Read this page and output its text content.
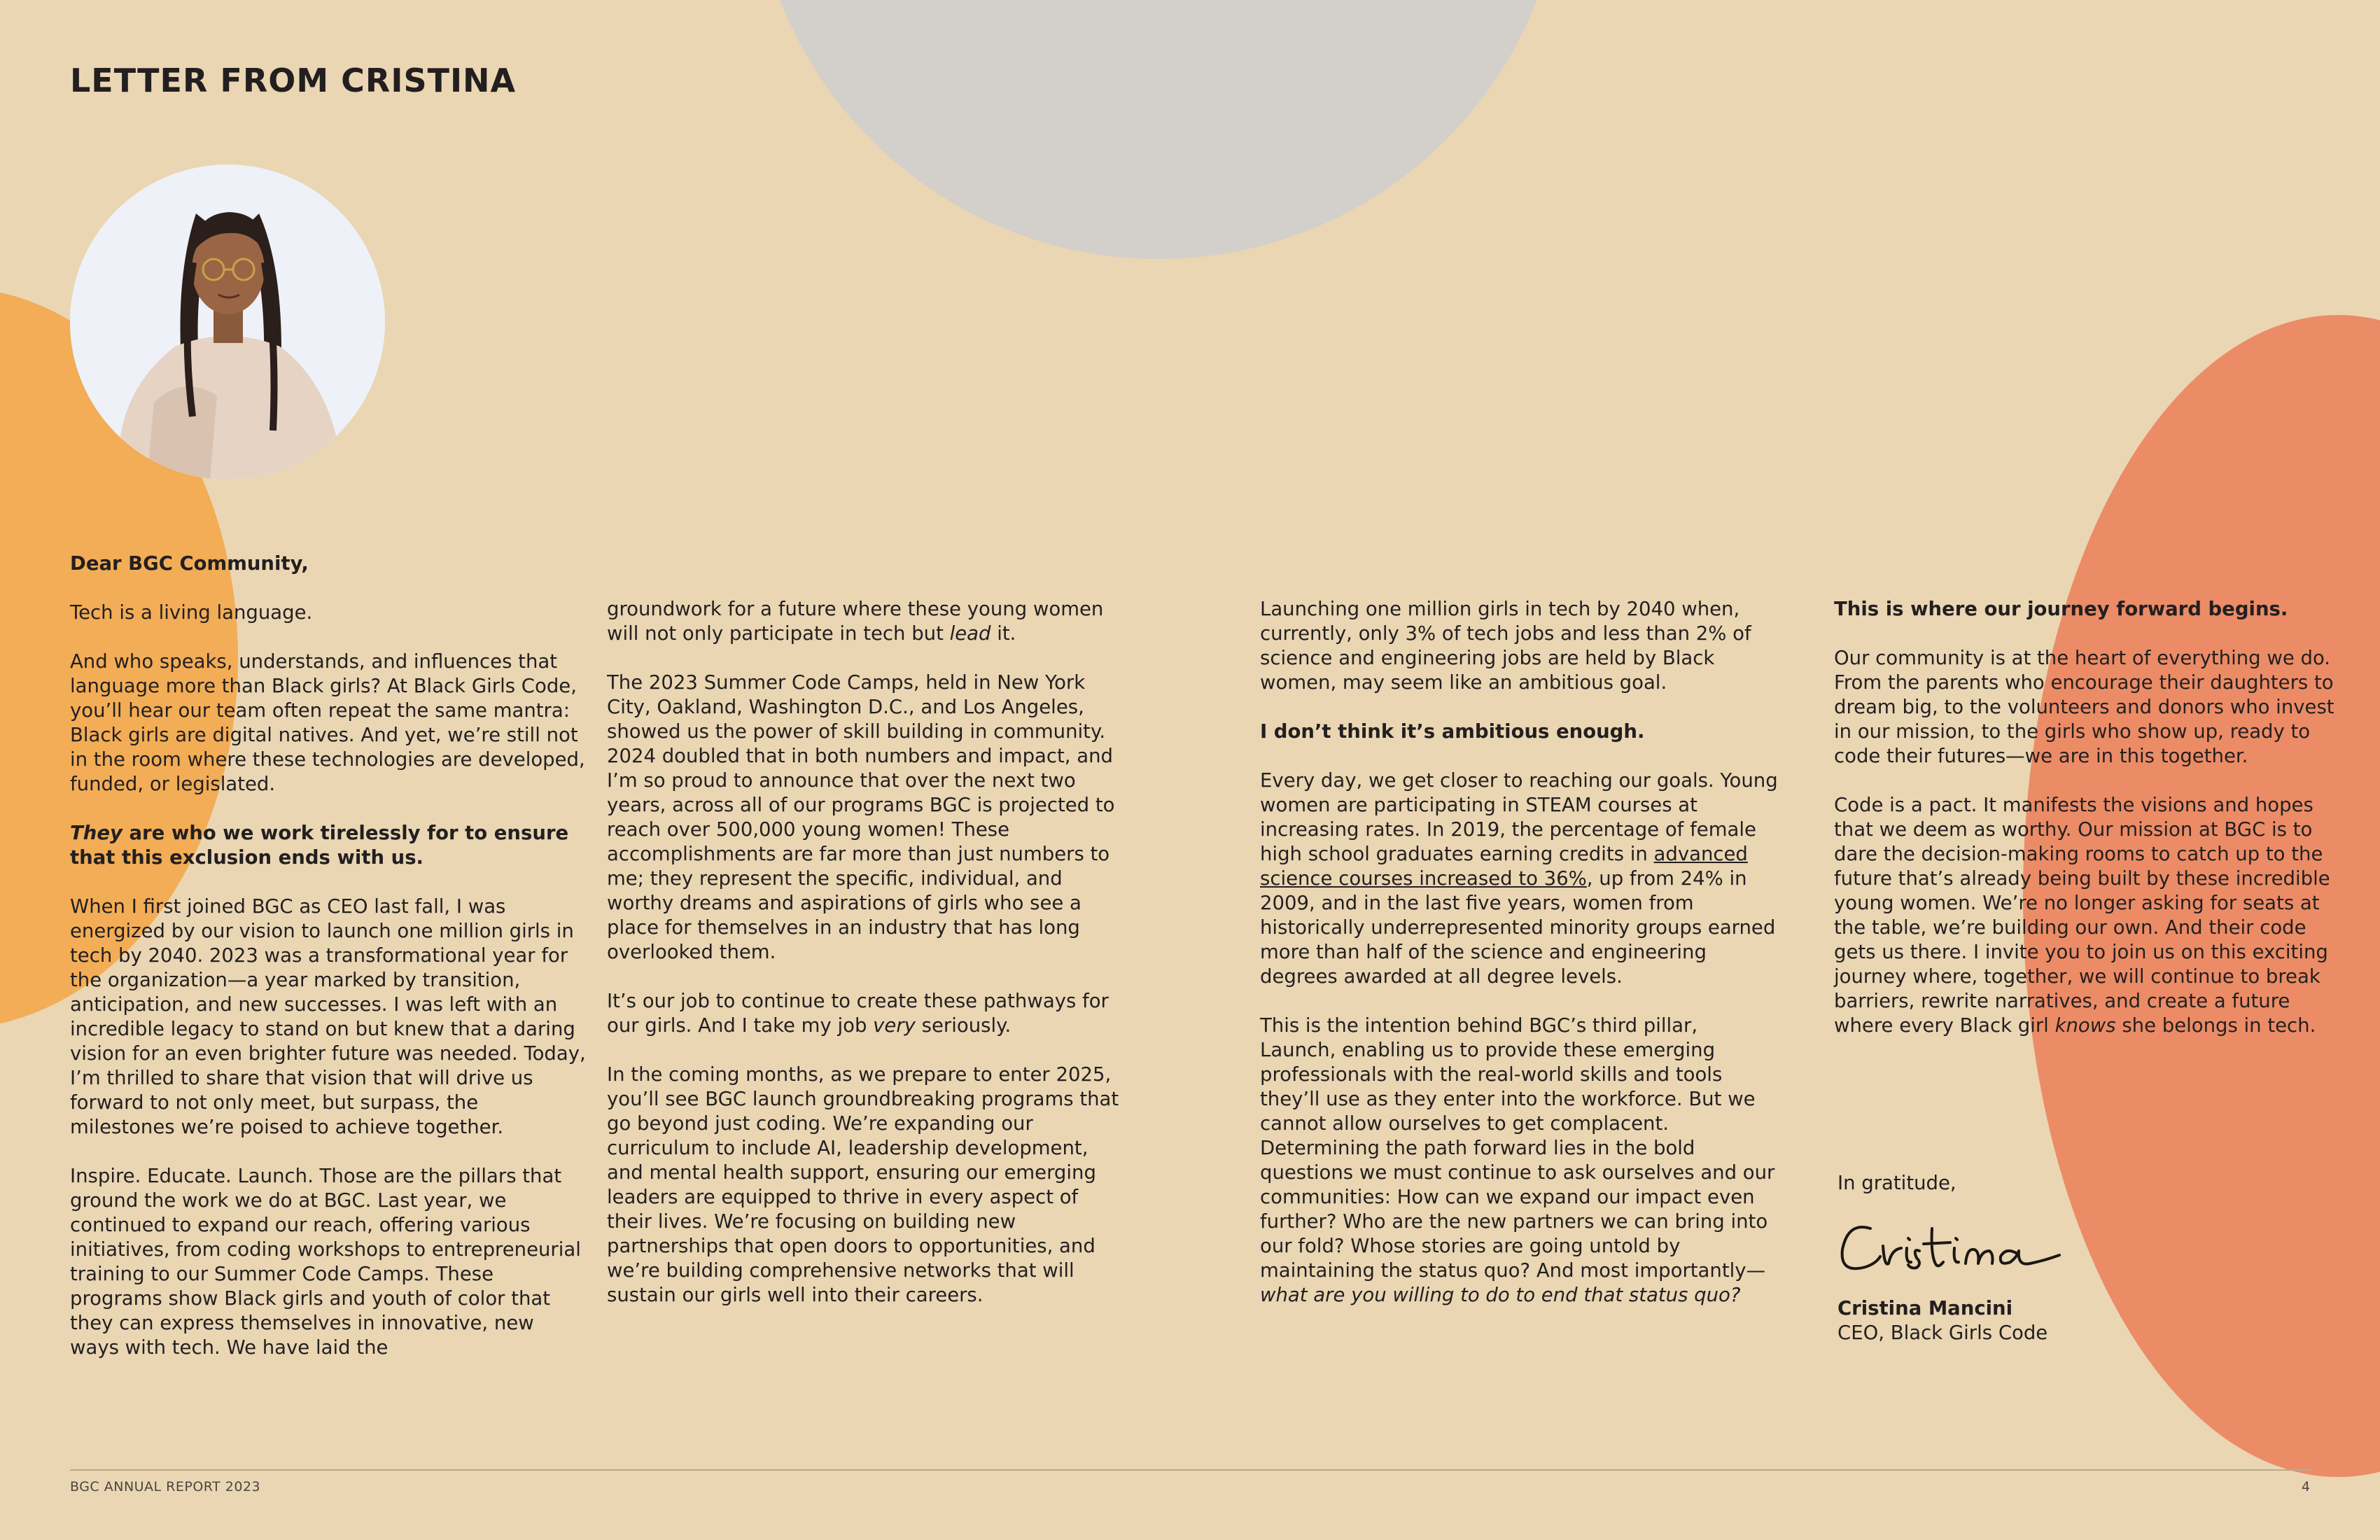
LETTER FROM CRISTINA

Dear BGC Community,

Tech is a living language.

And who speaks, understands, and influences that language more than Black girls? At Black Girls Code, you’ll hear our team often repeat the same mantra: Black girls are digital natives. And yet, we’re still not in the room where these technologies are developed, funded, or legislated.

They are who we work tirelessly for to ensure that this exclusion ends with us.

When I first joined BGC as CEO last fall, I was energized by our vision to launch one million girls in tech by 2040. 2023 was a transformational year for the organization—a year marked by transition, anticipation, and new successes. I was left with an incredible legacy to stand on but knew that a daring vision for an even brighter future was needed. Today, I’m thrilled to share that vision that will drive us forward to not only meet, but surpass, the milestones we’re poised to achieve together.

Inspire. Educate. Launch. Those are the pillars that ground the work we do at BGC. Last year, we continued to expand our reach, offering various initiatives, from coding workshops to entrepreneurial training to our Summer Code Camps. These programs show Black girls and youth of color that they can express themselves in innovative, new ways with tech. We have laid the

groundwork for a future where these young women will not only participate in tech but lead it.

The 2023 Summer Code Camps, held in New York City, Oakland, Washington D.C., and Los Angeles, showed us the power of skill building in community. 2024 doubled that in both numbers and impact, and I’m so proud to announce that over the next two years, across all of our programs BGC is projected to reach over 500,000 young women! These accomplishments are far more than just numbers to me; they represent the specific, individual, and worthy dreams and aspirations of girls who see a place for themselves in an industry that has long overlooked them.

It’s our job to continue to create these pathways for our girls. And I take my job very seriously.

In the coming months, as we prepare to enter 2025, you’ll see BGC launch groundbreaking programs that go beyond just coding. We’re expanding our curriculum to include AI, leadership development, and mental health support, ensuring our emerging leaders are equipped to thrive in every aspect of their lives. We’re focusing on building new partnerships that open doors to opportunities, and we’re building comprehensive networks that will sustain our girls well into their careers.

Launching one million girls in tech by 2040 when, currently, only 3% of tech jobs and less than 2% of science and engineering jobs are held by Black women, may seem like an ambitious goal.

I don’t think it’s ambitious enough.

Every day, we get closer to reaching our goals. Young women are participating in STEAM courses at increasing rates. In 2019, the percentage of female high school graduates earning credits in advanced science courses increased to 36%, up from 24% in 2009, and in the last five years, women from historically underrepresented minority groups earned more than half of the science and engineering degrees awarded at all degree levels.

This is the intention behind BGC’s third pillar, Launch, enabling us to provide these emerging professionals with the real-world skills and tools they’ll use as they enter into the workforce. But we cannot allow ourselves to get complacent. Determining the path forward lies in the bold questions we must continue to ask ourselves and our communities: How can we expand our impact even further? Who are the new partners we can bring into our fold? Whose stories are going untold by maintaining the status quo? And most importantly—what are you willing to do to end that status quo?

This is where our journey forward begins.

Our community is at the heart of everything we do. From the parents who encourage their daughters to dream big, to the volunteers and donors who invest in our mission, to the girls who show up, ready to code their futures—we are in this together.

Code is a pact. It manifests the visions and hopes that we deem as worthy. Our mission at BGC is to dare the decision-making rooms to catch up to the future that’s already being built by these incredible young women. We’re no longer asking for seats at the table, we’re building our own. And their code gets us there. I invite you to join us on this exciting journey where, together, we will continue to break barriers, rewrite narratives, and create a future where every Black girl knows she belongs in tech.

In gratitude,
Cristina Mancini
CEO, Black Girls Code
BGC ANNUAL REPORT 2023	4
